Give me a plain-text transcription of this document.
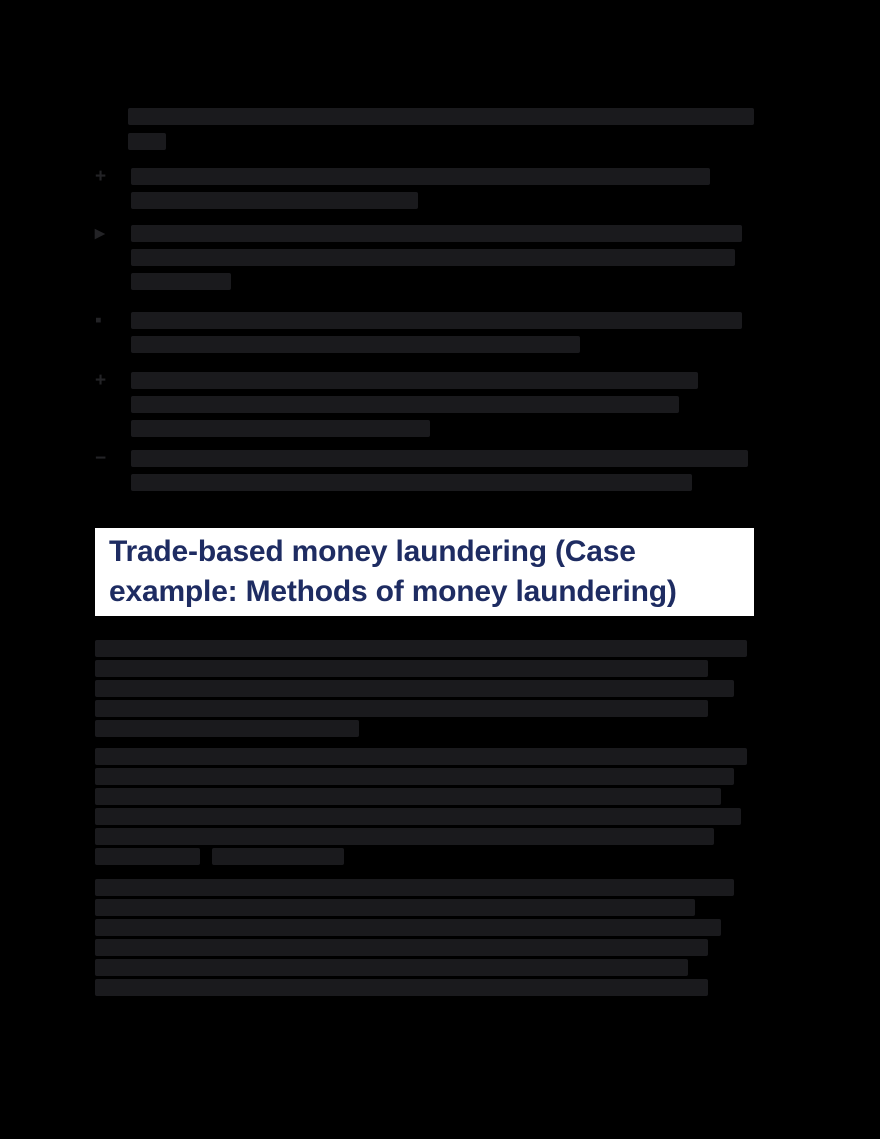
+
▸
▪
+
−
Trade-based money laundering (Case
example: Methods of money laundering)
